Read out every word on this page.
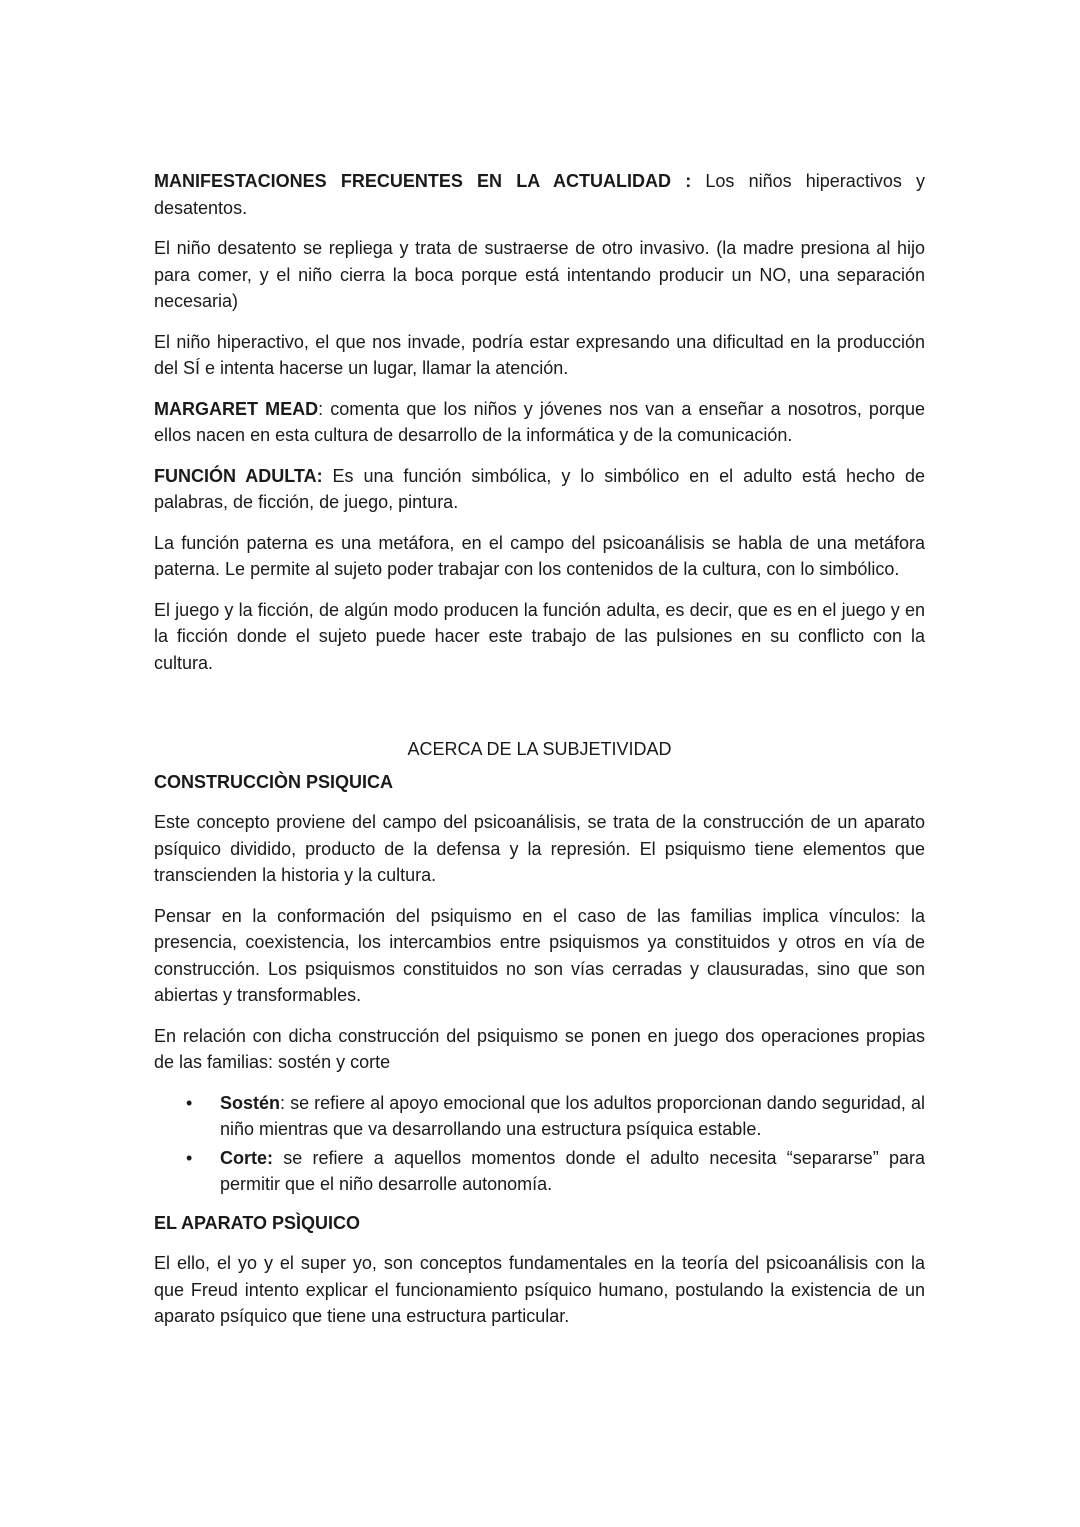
MANIFESTACIONES FRECUENTES EN LA ACTUALIDAD : Los niños hiperactivos y desatentos.

El niño desatento se repliega y trata de sustraerse de otro invasivo. (la madre presiona al hijo para comer, y el niño cierra la boca porque está intentando producir un NO, una separación necesaria)

El niño hiperactivo, el que nos invade, podría estar expresando una dificultad en la producción del SÍ e intenta hacerse un lugar, llamar la atención.

MARGARET MEAD: comenta que los niños y jóvenes nos van a enseñar a nosotros, porque ellos nacen en esta cultura de desarrollo de la informática y de la comunicación.

FUNCIÓN ADULTA: Es una función simbólica, y lo simbólico en el adulto está hecho de palabras, de ficción, de juego, pintura.

La función paterna es una metáfora, en el campo del psicoanálisis se habla de una metáfora paterna. Le permite al sujeto poder trabajar con los contenidos de la cultura, con lo simbólico.

El juego y la ficción, de algún modo producen la función adulta, es decir, que es en el juego y en la ficción donde el sujeto puede hacer este trabajo de las pulsiones en su conflicto con la cultura.

ACERCA DE LA SUBJETIVIDAD
CONSTRUCCIÒN PSIQUICA

Este concepto proviene del campo del psicoanálisis, se trata de la construcción de un aparato psíquico dividido, producto de la defensa y la represión. El psiquismo tiene elementos que transcienden la historia y la cultura.

Pensar en la conformación del psiquismo en el caso de las familias implica vínculos: la presencia, coexistencia, los intercambios entre psiquismos ya constituidos y otros en vía de construcción. Los psiquismos constituidos no son vías cerradas y clausuradas, sino que son abiertas y transformables.

En relación con dicha construcción del psiquismo se ponen en juego dos operaciones propias de las familias: sostén y corte

• Sostén: se refiere al apoyo emocional que los adultos proporcionan dando seguridad, al niño mientras que va desarrollando una estructura psíquica estable.
• Corte: se refiere a aquellos momentos donde el adulto necesita “separarse” para permitir que el niño desarrolle autonomía.
EL APARATO PSÌQUICO

El ello, el yo y el super yo, son conceptos fundamentales en la teoría del psicoanálisis con la que Freud intento explicar el funcionamiento psíquico humano, postulando la existencia de un aparato psíquico que tiene una estructura particular.
